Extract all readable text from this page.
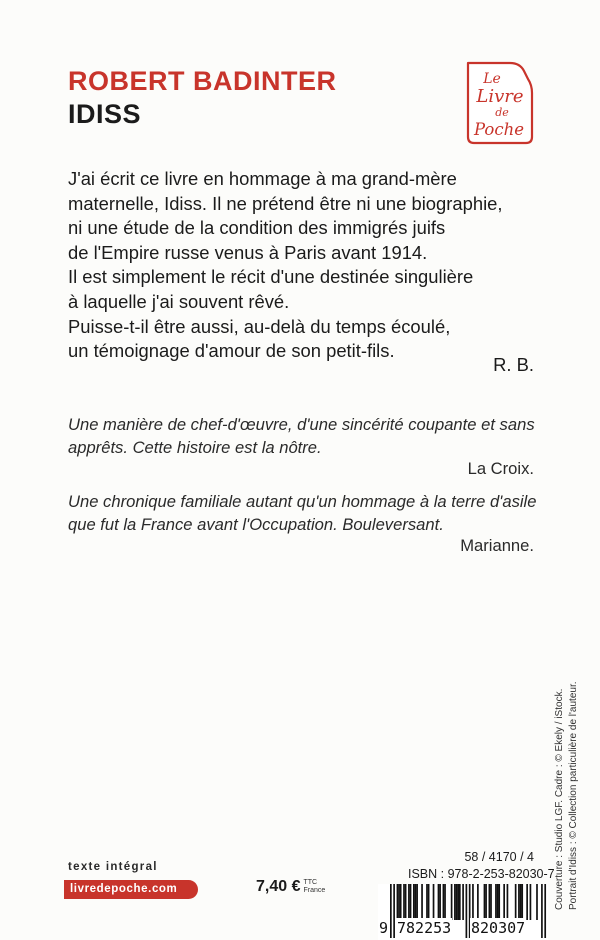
ROBERT BADINTER
IDISS
Le
Livre
de
Poche

J'ai écrit ce livre en hommage à ma grand-mère

maternelle, Idiss. Il ne prétend être ni une biographie,

ni une étude de la condition des immigrés juifs

de l'Empire russe venus à Paris avant 1914.

Il est simplement le récit d'une destinée singulière

à laquelle j'ai souvent rêvé.

Puisse-t-il être aussi, au-delà du temps écoulé,

un témoignage d'amour de son petit-fils.

R. B.

Une manière de chef-d'œuvre, d'une sincérité coupante et sans

apprêts. Cette histoire est la nôtre.

La Croix.

Une chronique familiale autant qu'un hommage à la terre d'asile

que fut la France avant l'Occupation. Bouleversant.

Marianne.

Couverture : Studio LGF. Cadre : © Ekely / iStock. Portrait d'Idiss : © Collection particulière de l'auteur.

texte intégral
livredepoche.com	7,40 € TTC
France
58 / 4170 / 4
ISBN : 978-2-253-82030-7
9 782253 820307
